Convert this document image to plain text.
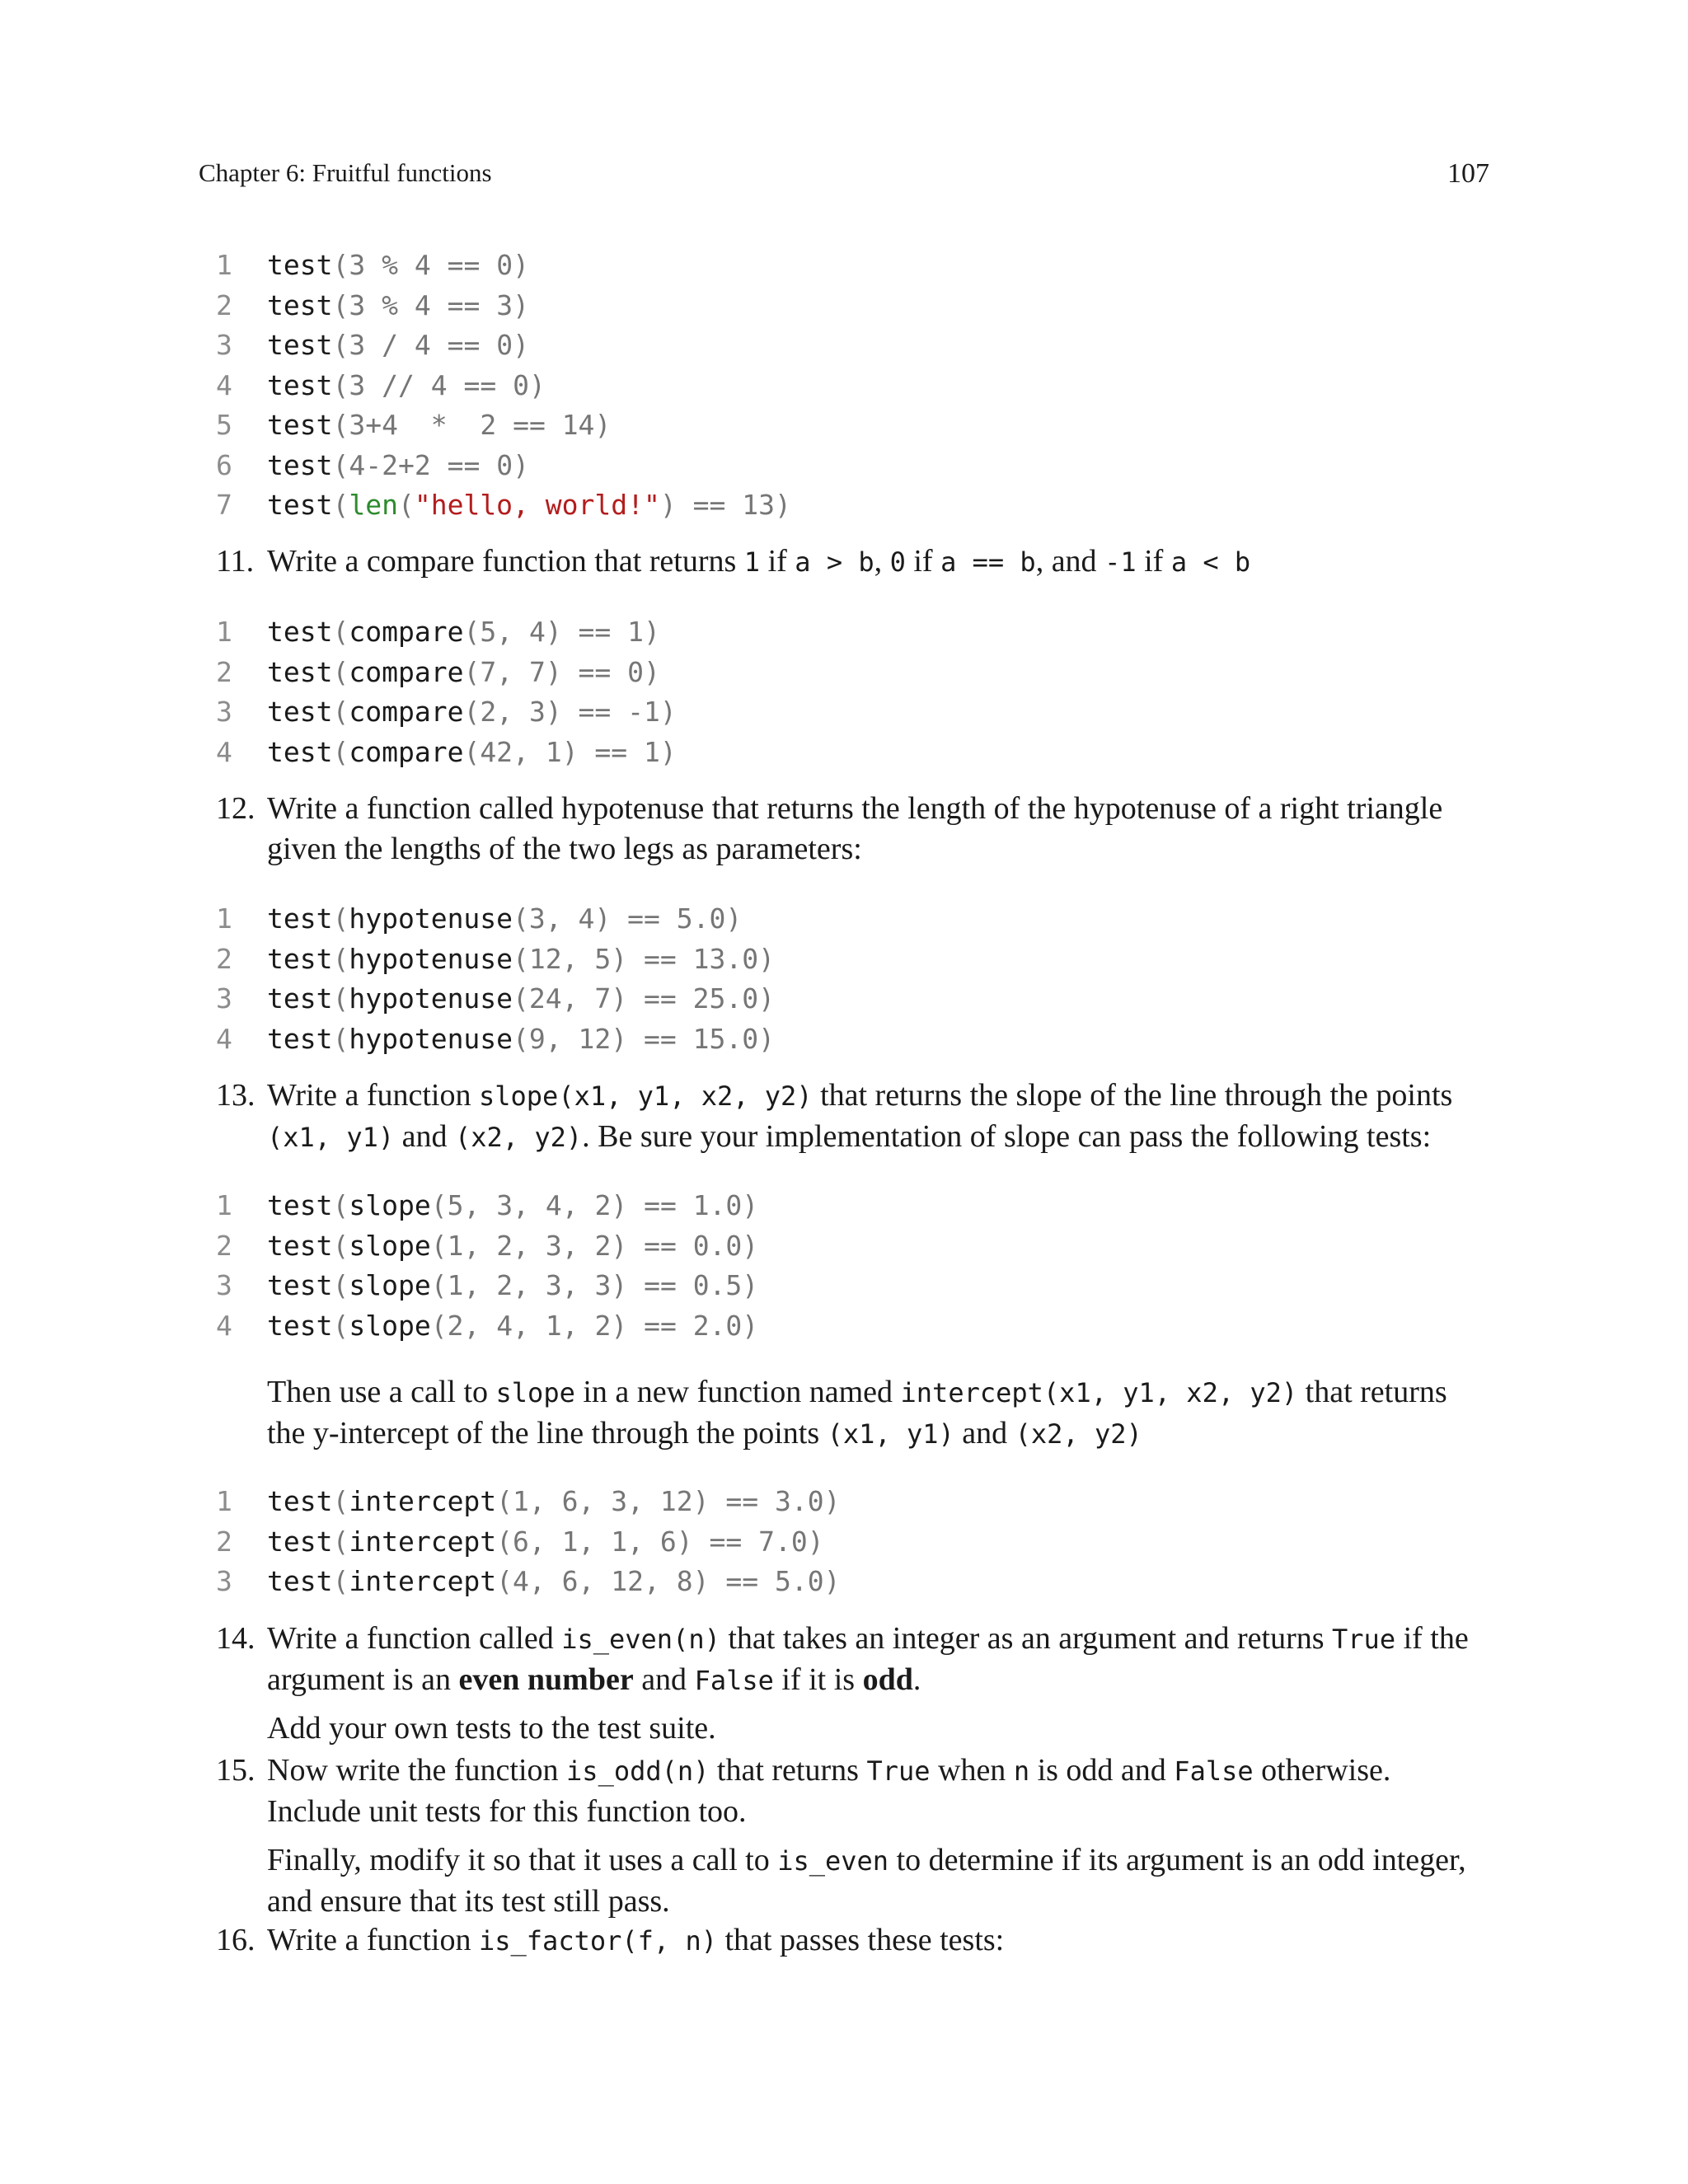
Chapter 6: Fruitful functions	107
1 test(3 % 4 == 0)
2 test(3 % 4 == 3)
3 test(3 / 4 == 0)
4 test(3 // 4 == 0)
5 test(3+4  *  2 == 14)
6 test(4-2+2 == 0)
7 test(len("hello, world!") == 13)
11. Write a compare function that returns 1 if a > b, 0 if a == b, and -1 if a < b
1 test(compare(5, 4) == 1)
2 test(compare(7, 7) == 0)
3 test(compare(2, 3) == -1)
4 test(compare(42, 1) == 1)
12. Write a function called hypotenuse that returns the length of the hypotenuse of a right triangle given the lengths of the two legs as parameters:
1 test(hypotenuse(3, 4) == 5.0)
2 test(hypotenuse(12, 5) == 13.0)
3 test(hypotenuse(24, 7) == 25.0)
4 test(hypotenuse(9, 12) == 15.0)
13. Write a function slope(x1, y1, x2, y2) that returns the slope of the line through the points (x1, y1) and (x2, y2). Be sure your implementation of slope can pass the following tests:
1 test(slope(5, 3, 4, 2) == 1.0)
2 test(slope(1, 2, 3, 2) == 0.0)
3 test(slope(1, 2, 3, 3) == 0.5)
4 test(slope(2, 4, 1, 2) == 2.0)
Then use a call to slope in a new function named intercept(x1, y1, x2, y2) that returns the y-intercept of the line through the points (x1, y1) and (x2, y2)
1 test(intercept(1, 6, 3, 12) == 3.0)
2 test(intercept(6, 1, 1, 6) == 7.0)
3 test(intercept(4, 6, 12, 8) == 5.0)
14. Write a function called is_even(n) that takes an integer as an argument and returns True if the argument is an even number and False if it is odd.
Add your own tests to the test suite.
15. Now write the function is_odd(n) that returns True when n is odd and False otherwise. Include unit tests for this function too.
Finally, modify it so that it uses a call to is_even to determine if its argument is an odd integer, and ensure that its test still pass.
16. Write a function is_factor(f, n) that passes these tests:
